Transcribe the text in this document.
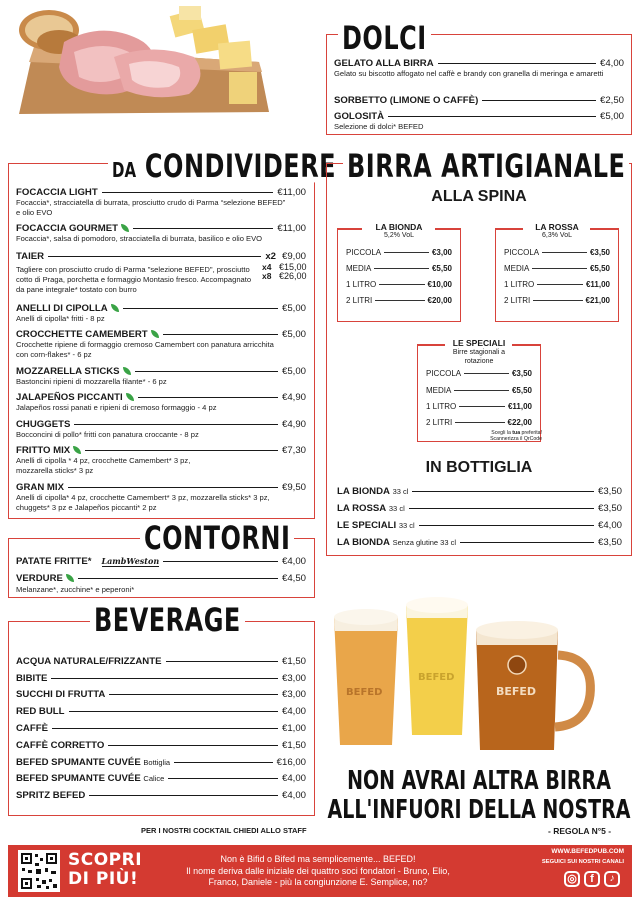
DOLCI
GELATO ALLA BIRRA	€4,00
Gelato su biscotto affogato nel caffè e brandy con granella di meringa e amaretti
SORBETTO (LIMONE O CAFFÈ)	€2,50
GOLOSITÀ	€5,00
Selezione di dolci* BEFED
DA CONDIVIDERE
FOCACCIA LIGHT	€11,00
Focaccia*, stracciatella di burrata, prosciutto crudo di Parma “selezione BEFED” e olio EVO
FOCACCIA GOURMET	€11,00
Focaccia*, salsa di pomodoro, stracciatella di burrata, basilico e olio EVO
TAIER	x2 €9,00
Tagliere con prosciutto crudo di Parma "selezione BEFED", prosciutto cotto di Praga, porchetta e formaggio Montasio fresco. Accompagnato da pane integrale* tostato con burro
x4 €15,00
x8 €26,00
ANELLI DI CIPOLLA	€5,00
Anelli di cipolla* fritti - 8 pz
CROCCHETTE CAMEMBERT	€5,00
Crocchette ripiene di formaggio cremoso Camembert con panatura arricchita con corn-flakes* - 6 pz
MOZZARELLA STICKS	€5,00
Bastoncini ripieni di mozzarella filante* - 6 pz
JALAPEÑOS PICCANTI	€4,90
Jalapeños rossi panati e ripieni di cremoso formaggio - 4 pz
CHUGGETS	€4,90
Bocconcini di pollo* fritti con panatura croccante - 8 pz
FRITTO MIX	€7,30
Anelli di cipolla * 4 pz, crocchette Camembert* 3 pz, mozzarella sticks* 3 pz
GRAN MIX	€9,50
Anelli di cipolla* 4 pz, crocchette Camembert* 3 pz, mozzarella sticks* 3 pz, chuggets* 3 pz e Jalapeños piccanti* 2 pz
CONTORNI
PATATE FRITTE* LambWeston	€4,00
VERDURE	€4,50
Melanzane*, zucchine* e peperoni*
BEVERAGE
ACQUA NATURALE/FRIZZANTE	€1,50
BIBITE	€3,00
SUCCHI DI FRUTTA	€3,00
RED BULL	€4,00
CAFFÈ	€1,00
CAFFÈ CORRETTO	€1,50
BEFED SPUMANTE CUVÉE
Bottiglia	€16,00
BEFED SPUMANTE CUVÉE
Calice	€4,00
SPRITZ BEFED	€4,00
PER I NOSTRI COCKTAIL CHIEDI ALLO STAFF
BIRRA ARTIGIANALE
ALLA SPINA
LA BIONDA
5,2% VoL
PICCOLA	€3,00
MEDIA	€5,50
1 LITRO	€10,00
2 LITRI	€20,00
LA ROSSA
6,3% VoL
PICCOLA	€3,50
MEDIA	€5,50
1 LITRO	€11,00
2 LITRI	€21,00
LE SPECIALI
Birre stagionali a rotazione
PICCOLA	€3,50
MEDIA	€5,50
1 LITRO	€11,00
2 LITRI	€22,00
Scegli la tua preferita!
Scannerizza il QrCode
IN BOTTIGLIA
LA BIONDA
33 cl	€3,50
LA ROSSA
33 cl	€3,50
LE SPECIALI
33 cl	€4,00
LA BIONDA
Senza glutine 33 cl	€3,50
BEFED
BEFED
BEFED
NON AVRAI ALTRA BIRRA
ALL'INFUORI DELLA NOSTRA
- REGOLA N°5 -
SCOPRI
DI PIÙ!
Non è Bifid o Bifed ma semplicemente... BEFED!
Il nome deriva dalle iniziale dei quattro soci fondatori - Bruno, Elio,
Franco, Daniele - più la congiunzione E. Semplice, no?
WWW.BEFEDPUB.COM
SEGUICI SUI NOSTRI CANALI
◎	f	♪
